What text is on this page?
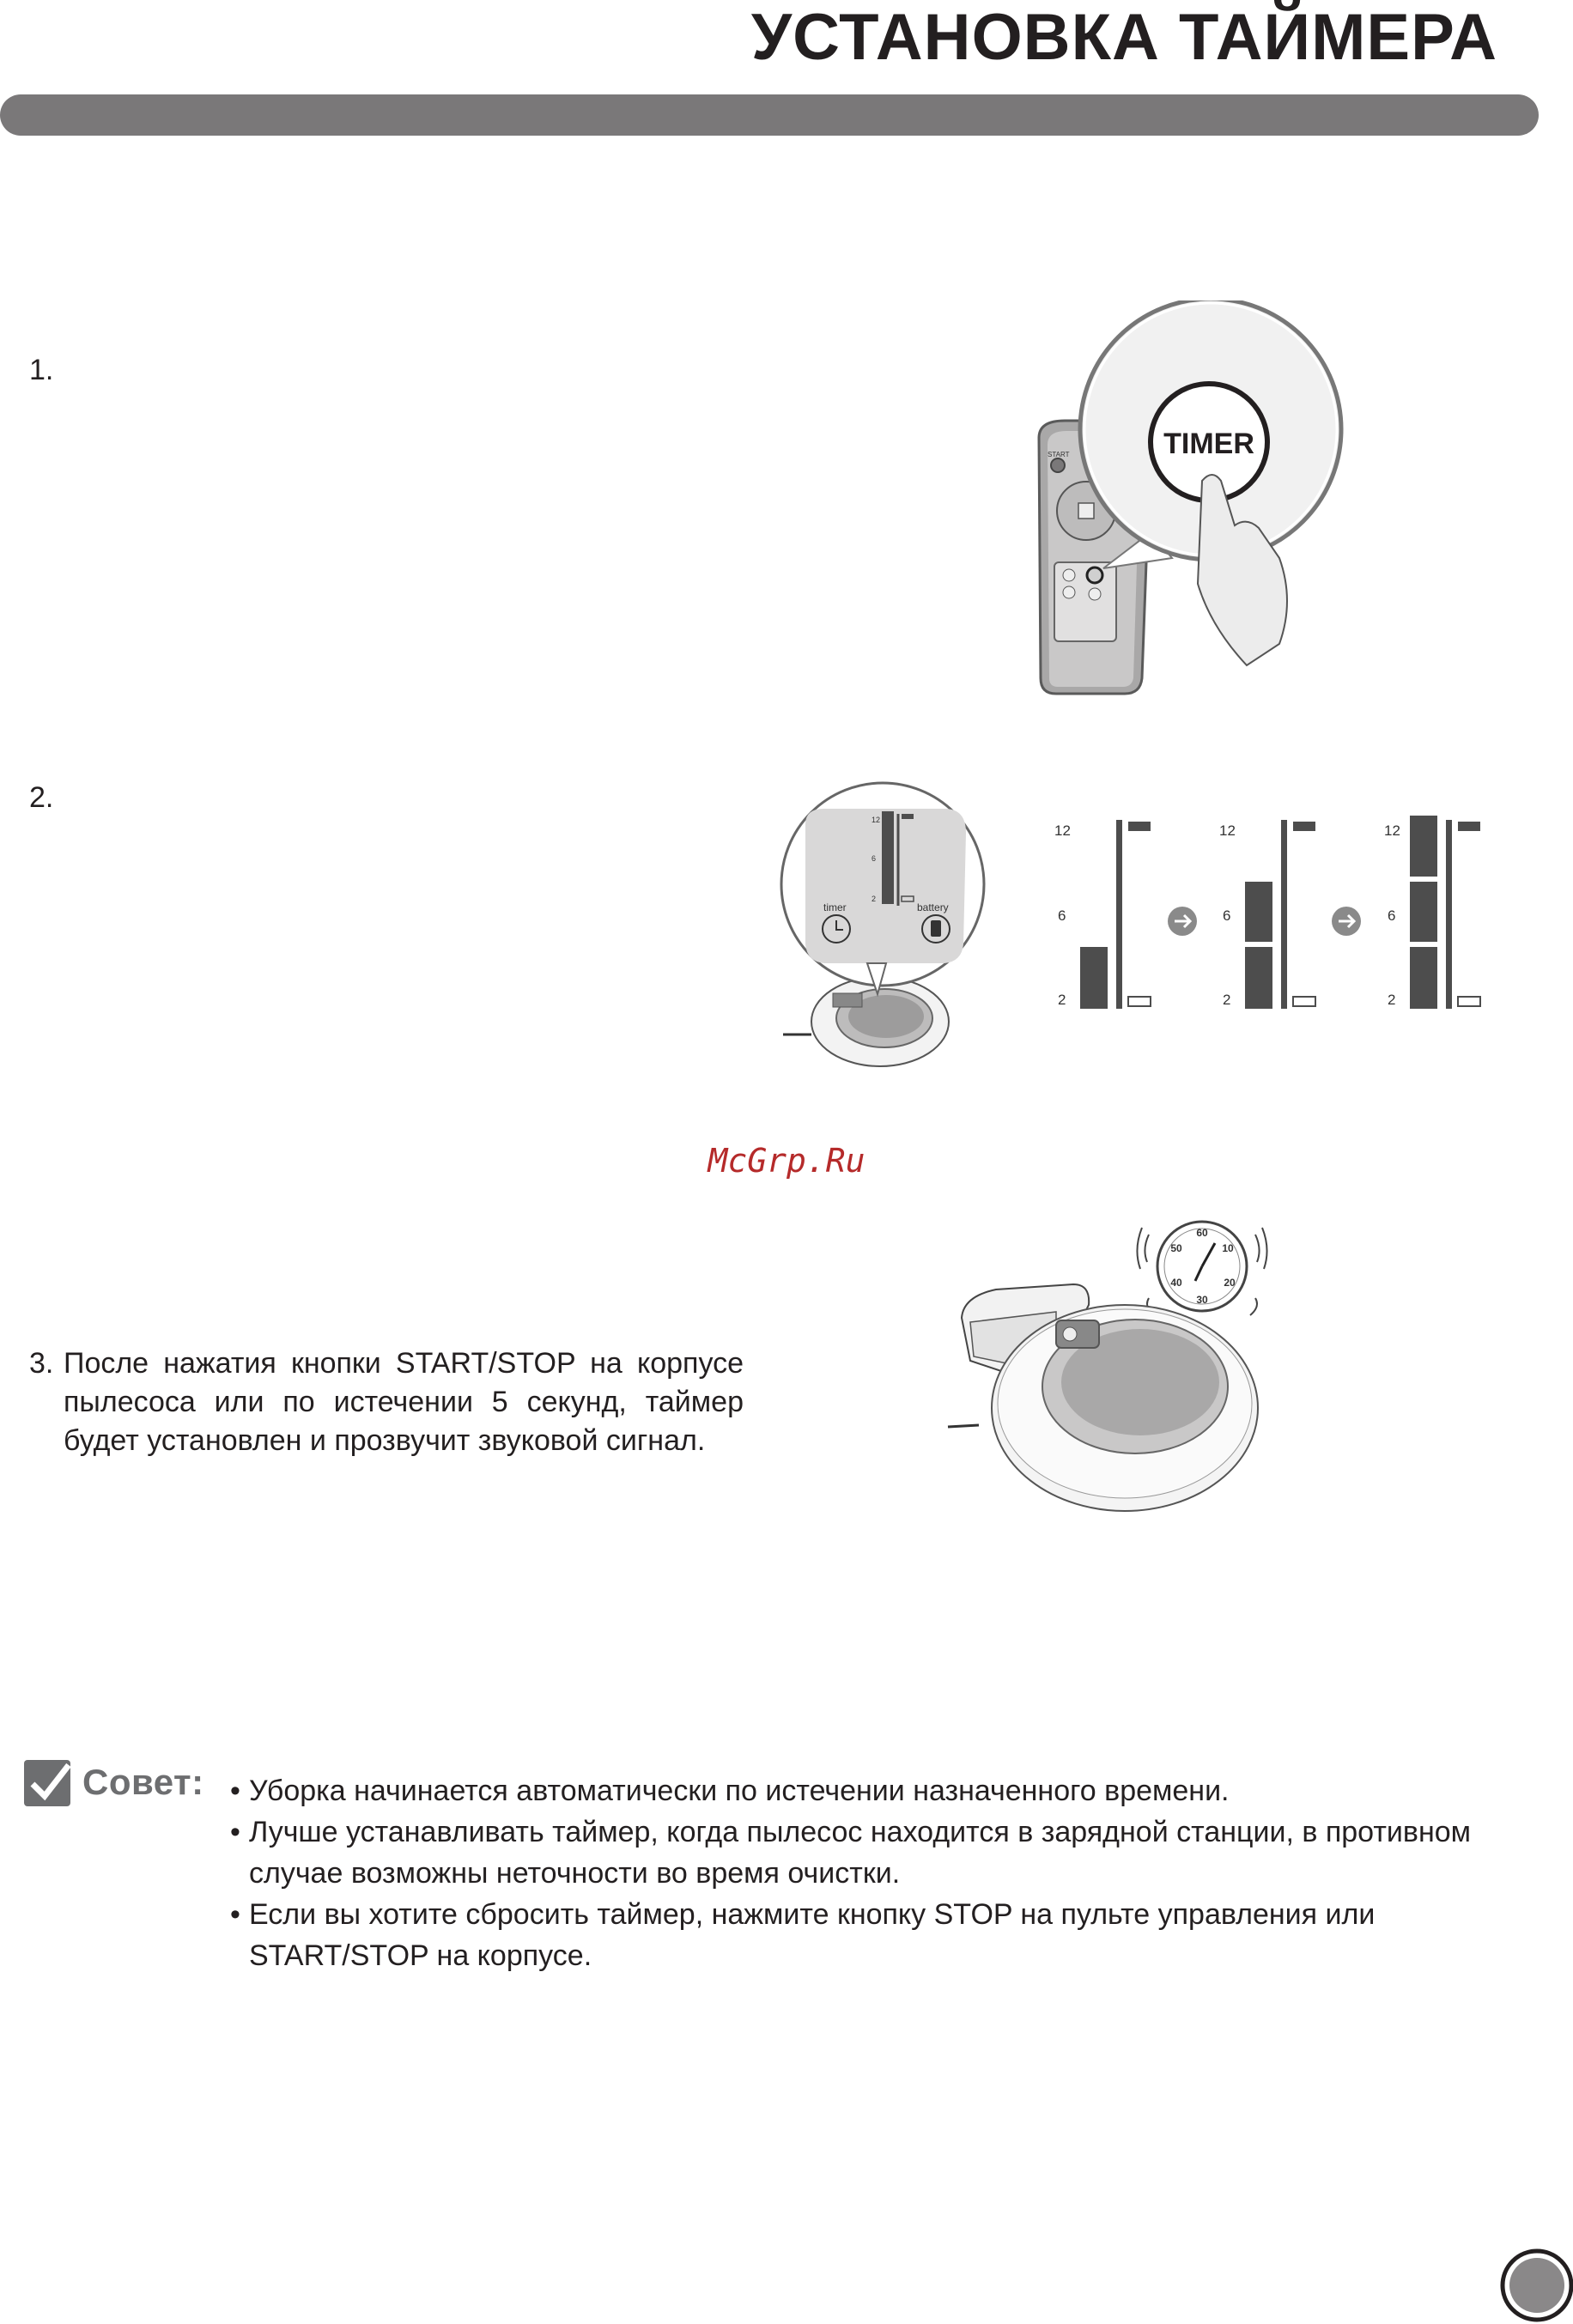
УСТАНОВКА ТАЙМЕРА
1.
2.
START	TIMER
12
6
2
timer	battery
12
6
2
12
6
2
12
6
2
McGrp.Ru
60
10
20
30
40
50
3. После нажатия кнопки START/STOP на корпусе пылесоса или по истечении 5 секунд, таймер будет установлен и прозвучит звуковой сигнал.
Совет:
•	Уборка начинается автоматически по истечении назначенного времени.
• Лучше устанавливать таймер, когда пылесос находится в зарядной станции, в противном случае возможны неточности во время очистки.
• Если вы хотите сбросить таймер, нажмите кнопку STOP на пульте управления или START/STOP на корпусе.
